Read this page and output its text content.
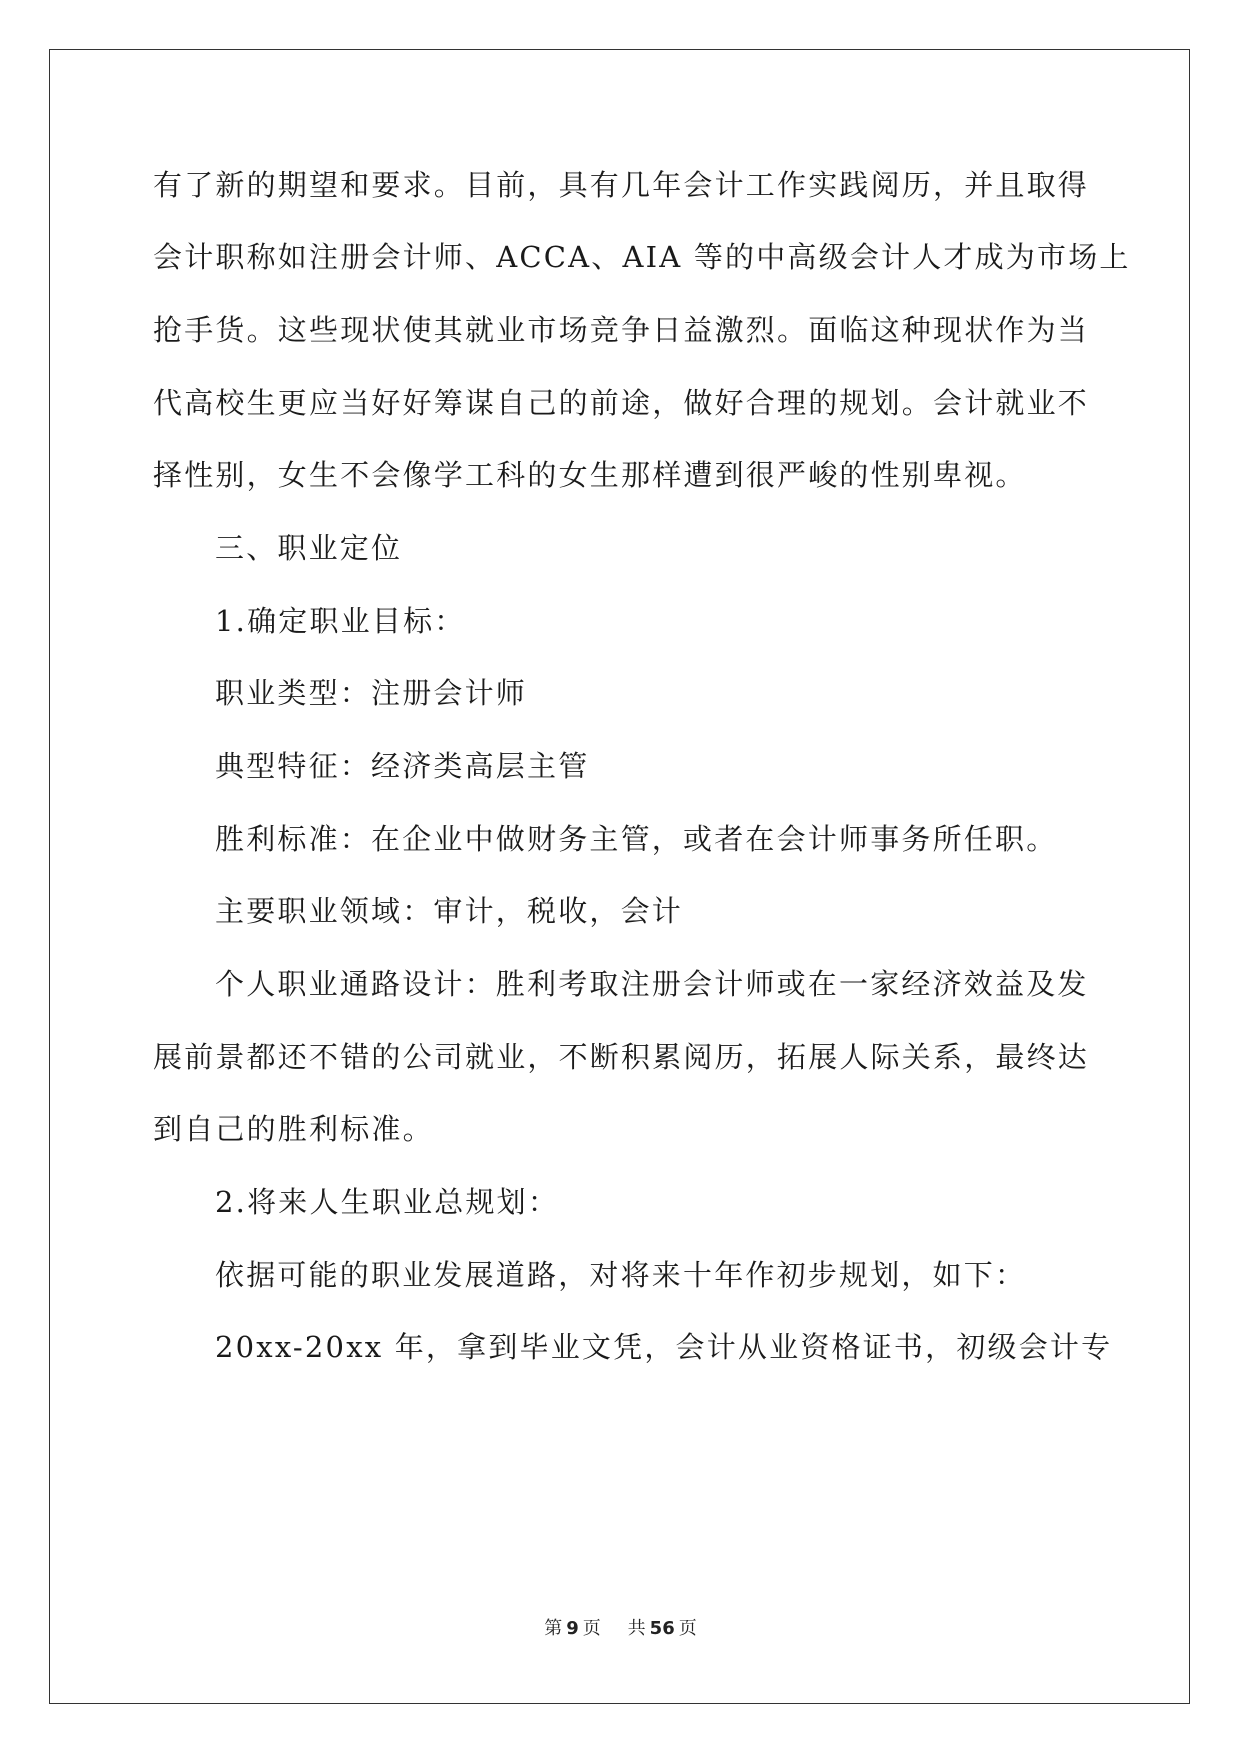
有了新的期望和要求。目前，具有几年会计工作实践阅历，并且取得
会计职称如注册会计师、ACCA、AIA 等的中高级会计人才成为市场上
抢手货。这些现状使其就业市场竞争日益激烈。面临这种现状作为当
代高校生更应当好好筹谋自己的前途，做好合理的规划。会计就业不
择性别，女生不会像学工科的女生那样遭到很严峻的性别卑视。
三、职业定位
1.确定职业目标：
职业类型：注册会计师
典型特征：经济类高层主管
胜利标准：在企业中做财务主管，或者在会计师事务所任职。
主要职业领域：审计，税收，会计
个人职业通路设计：胜利考取注册会计师或在一家经济效益及发
展前景都还不错的公司就业，不断积累阅历，拓展人际关系，最终达
到自己的胜利标准。
2.将来人生职业总规划：
依据可能的职业发展道路，对将来十年作初步规划，如下：
20xx-20xx 年，拿到毕业文凭，会计从业资格证书，初级会计专
第 9 页 共 56 页
